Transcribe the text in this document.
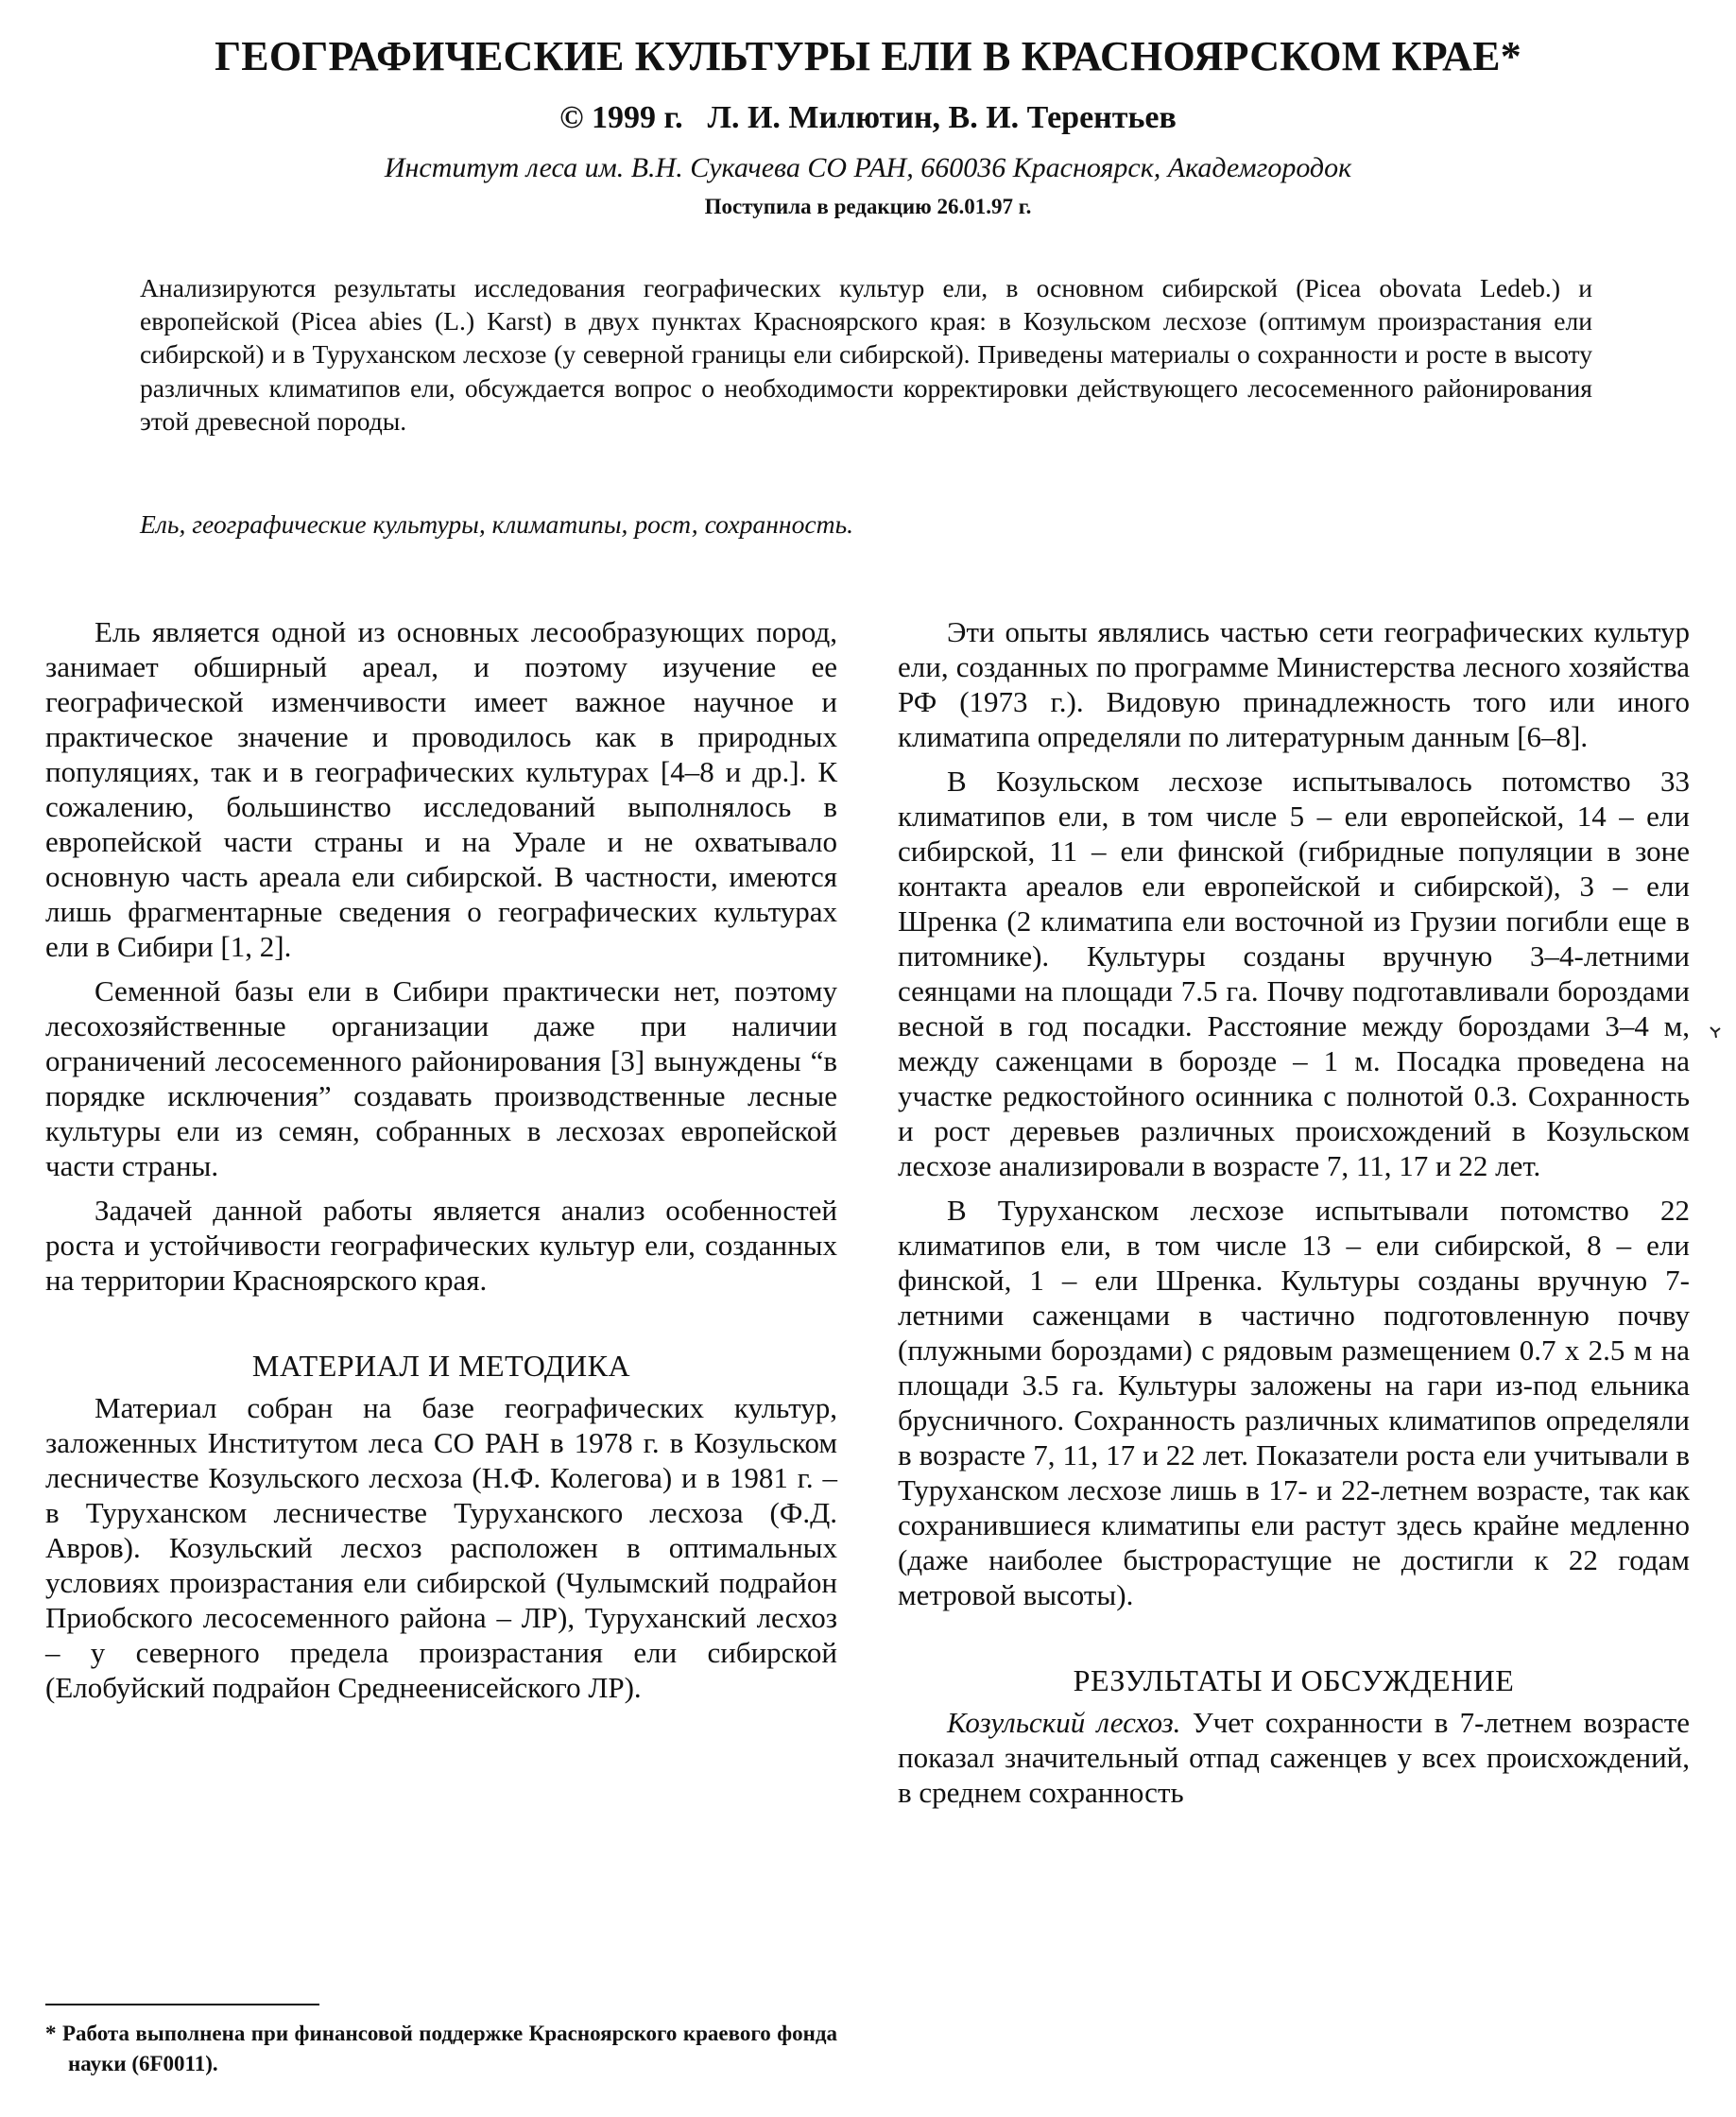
ГЕОГРАФИЧЕСКИЕ КУЛЬТУРЫ ЕЛИ В КРАСНОЯРСКОМ КРАЕ*
© 1999 г. Л. И. Милютин, В. И. Терентьев
Институт леса им. В.Н. Сукачева СО РАН, 660036 Красноярск, Академгородок
Поступила в редакцию 26.01.97 г.

Анализируются результаты исследования географических культур ели, в основном сибирской (Picea obovata Ledeb.) и европейской (Picea abies (L.) Karst) в двух пунктах Красноярского края: в Козульском лесхозе (оптимум произрастания ели сибирской) и в Туруханском лесхозе (у северной границы ели сибирской). Приведены материалы о сохранности и росте в высоту различных климатипов ели, обсуждается вопрос о необходимости корректировки действующего лесосеменного районирования этой древесной породы.

Ель, географические культуры, климатипы, рост, сохранность.

Ель является одной из основных лесообразующих пород, занимает обширный ареал, и поэтому изучение ее географической изменчивости имеет важное научное и практическое значение и проводилось как в природных популяциях, так и в географических культурах [4–8 и др.]. К сожалению, большинство исследований выполнялось в европейской части страны и на Урале и не охватывало основную часть ареала ели сибирской. В частности, имеются лишь фрагментарные сведения о географических культурах ели в Сибири [1, 2].

Семенной базы ели в Сибири практически нет, поэтому лесохозяйственные организации даже при наличии ограничений лесосеменного районирования [3] вынуждены “в порядке исключения” создавать производственные лесные культуры ели из семян, собранных в лесхозах европейской части страны.

Задачей данной работы является анализ особенностей роста и устойчивости географических культур ели, созданных на территории Красноярского края.

МАТЕРИАЛ И МЕТОДИКА

Материал собран на базе географических культур, заложенных Институтом леса СО РАН в 1978 г. в Козульском лесничестве Козульского лесхоза (Н.Ф. Колегова) и в 1981 г. – в Туруханском лесничестве Туруханского лесхоза (Ф.Д. Авров). Козульский лесхоз расположен в оптимальных условиях произрастания ели сибирской (Чулымский подрайон Приобского лесосеменного района – ЛР), Туруханский лесхоз – у северного предела произрастания ели сибирской (Елобуйский подрайон Среднеенисейского ЛР).

Эти опыты являлись частью сети географических культур ели, созданных по программе Министерства лесного хозяйства РФ (1973 г.). Видовую принадлежность того или иного климатипа определяли по литературным данным [6–8].

В Козульском лесхозе испытывалось потомство 33 климатипов ели, в том числе 5 – ели европейской, 14 – ели сибирской, 11 – ели финской (гибридные популяции в зоне контакта ареалов ели европейской и сибирской), 3 – ели Шренка (2 климатипа ели восточной из Грузии погибли еще в питомнике). Культуры созданы вручную 3–4-летними сеянцами на площади 7.5 га. Почву подготавливали бороздами весной в год посадки. Расстояние между бороздами 3–4 м, между саженцами в борозде – 1 м. Посадка проведена на участке редкостойного осинника с полнотой 0.3. Сохранность и рост деревьев различных происхождений в Козульском лесхозе анализировали в возрасте 7, 11, 17 и 22 лет.

В Туруханском лесхозе испытывали потомство 22 климатипов ели, в том числе 13 – ели сибирской, 8 – ели финской, 1 – ели Шренка. Культуры созданы вручную 7-летними саженцами в частично подготовленную почву (плужными бороздами) с рядовым размещением 0.7 x 2.5 м на площади 3.5 га. Культуры заложены на гари из-под ельника брусничного. Сохранность различных климатипов определяли в возрасте 7, 11, 17 и 22 лет. Показатели роста ели учитывали в Туруханском лесхозе лишь в 17- и 22-летнем возрасте, так как сохранившиеся климатипы ели растут здесь крайне медленно (даже наиболее быстрорастущие не достигли к 22 годам метровой высоты).

РЕЗУЛЬТАТЫ И ОБСУЖДЕНИЕ

Козульский лесхоз. Учет сохранности в 7-летнем возрасте показал значительный отпад саженцев у всех происхождений, в среднем сохранность

* Работа выполнена при финансовой поддержке Красноярского краевого фонда науки (6F0011).
